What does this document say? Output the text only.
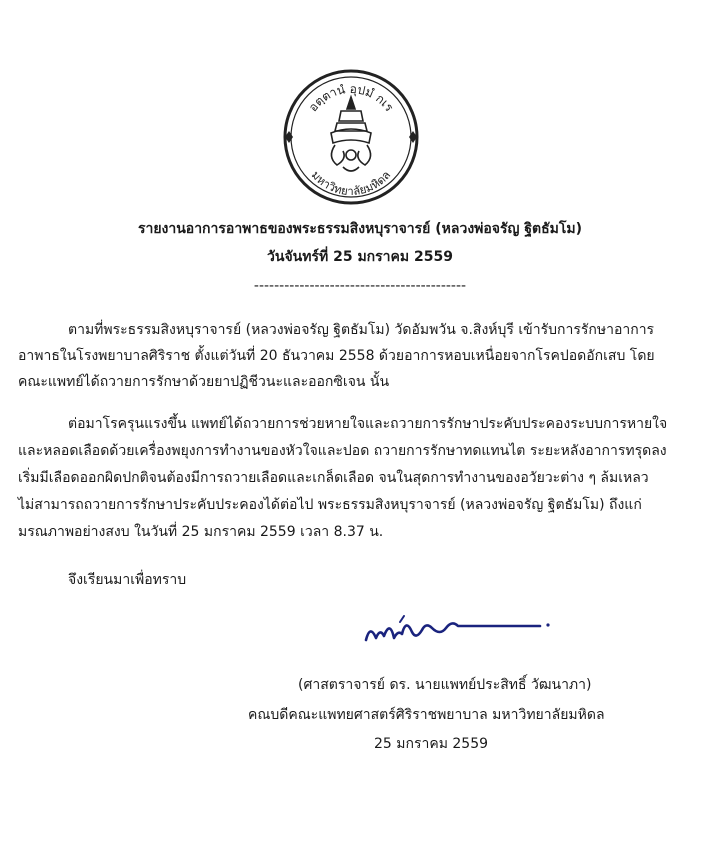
อตฺตานํ อุปมํ กเร
มหาวิทยาลัยมหิดล
รายงานอาการอาพาธของพระธรรมสิงหบุราจารย์ (หลวงพ่อจรัญ ฐิตธัมโม)
วันจันทร์ที่ 25 มกราคม 2559
------------------------------------------
ตามที่พระธรรมสิงหบุราจารย์ (หลวงพ่อจรัญ ฐิตธัมโม) วัดอัมพวัน จ.สิงห์บุรี เข้ารับการรักษาอาการ
อาพาธในโรงพยาบาลศิริราช ตั้งแต่วันที่ 20 ธันวาคม 2558 ด้วยอาการหอบเหนื่อยจากโรคปอดอักเสบ โดย
คณะแพทย์ได้ถวายการรักษาด้วยยาปฏิชีวนะและออกซิเจน นั้น
ต่อมาโรครุนแรงขึ้น แพทย์ได้ถวายการช่วยหายใจและถวายการรักษาประคับประคองระบบการหายใจ
และหลอดเลือดด้วยเครื่องพยุงการทำงานของหัวใจและปอด ถวายการรักษาทดแทนไต ระยะหลังอาการทรุดลง
เริ่มมีเลือดออกผิดปกติจนต้องมีการถวายเลือดและเกล็ดเลือด จนในสุดการทำงานของอวัยวะต่าง ๆ ล้มเหลว
ไม่สามารถถวายการรักษาประคับประคองได้ต่อไป พระธรรมสิงหบุราจารย์ (หลวงพ่อจรัญ ฐิตธัมโม) ถึงแก่
มรณภาพอย่างสงบ ในวันที่ 25 มกราคม 2559 เวลา 8.37 น.
จึงเรียนมาเพื่อทราบ
(ศาสตราจารย์ ดร. นายแพทย์ประสิทธิ์ วัฒนาภา)
คณบดีคณะแพทยศาสตร์ศิริราชพยาบาล มหาวิทยาลัยมหิดล
25 มกราคม 2559
